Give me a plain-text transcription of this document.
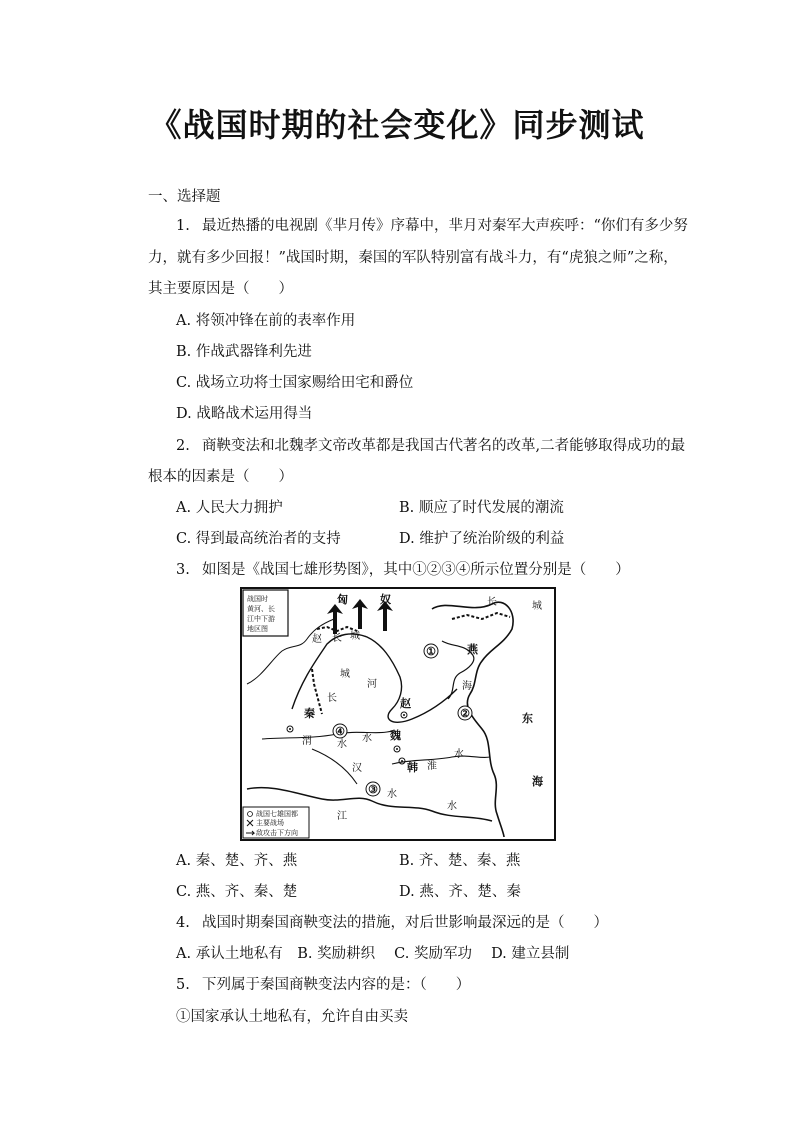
《战国时期的社会变化》同步测试
一、选择题
1. 最近热播的电视剧《芈月传》序幕中，芈月对秦军大声疾呼：“你们有多少努
力，就有多少回报！”战国时期，秦国的军队特别富有战斗力，有“虎狼之师”之称，
其主要原因是（　　）
A. 将领冲锋在前的表率作用
B. 作战武器锋利先进
C. 战场立功将士国家赐给田宅和爵位
D. 战略战术运用得当
2. 商鞅变法和北魏孝文帝改革都是我国古代著名的改革,二者能够取得成功的最
根本的因素是（　　）
A. 人民大力拥护	B. 顺应了时代发展的潮流
C. 得到最高统治者的支持	D. 维护了统治阶级的利益
3. 如图是《战国七雄形势图》，其中①②③④所示位置分别是（　　）
战国时
黄河、长
江中下游
地区图
匈	奴	长	城
赵 长 城
城
长
河
燕
赵
海
东
海
秦
渭	水
水 魏
韩 淮
水
汉
水
江
水
①
②
③
④
战国七雄国都
主要战场
敌攻击下方向
A. 秦、楚、齐、燕	B. 齐、楚、秦、燕
C. 燕、齐、秦、楚	D. 燕、齐、楚、秦
4. 战国时期秦国商鞅变法的措施，对后世影响最深远的是（　　）
A. 承认土地私有　B. 奖励耕织　 C. 奖励军功　 D. 建立县制
5. 下列属于秦国商鞅变法内容的是：（　　）
①国家承认土地私有，允许自由买卖
